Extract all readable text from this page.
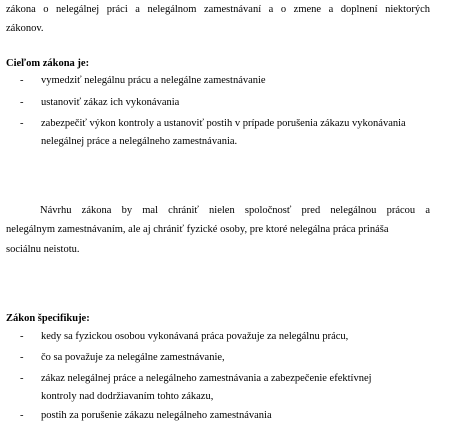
zákona o nelegálnej práci a nelegálnom zamestnávaní a o zmene a doplnení niektorých
zákonov.
Cieľom zákona je:
- vymedziť nelegálnu prácu a nelegálne zamestnávanie
- ustanoviť zákaz ich vykonávania
- zabezpečiť výkon kontroly a ustanoviť postih v prípade porušenia zákazu vykonávania
nelegálnej práce a nelegálneho zamestnávania.
Návrhu zákona by mal chrániť nielen spoločnosť pred nelegálnou prácou a
nelegálnym zamestnávaním, ale aj chrániť fyzické osoby, pre ktoré nelegálna práca prináša
sociálnu neistotu.
Zákon špecifikuje:
- kedy sa fyzickou osobou vykonávaná práca považuje za nelegálnu prácu,
- čo sa považuje za nelegálne zamestnávanie,
- zákaz nelegálnej práce a nelegálneho zamestnávania a zabezpečenie efektívnej
kontroly nad dodržiavaním tohto zákazu,
- postih za porušenie zákazu nelegálneho zamestnávania
